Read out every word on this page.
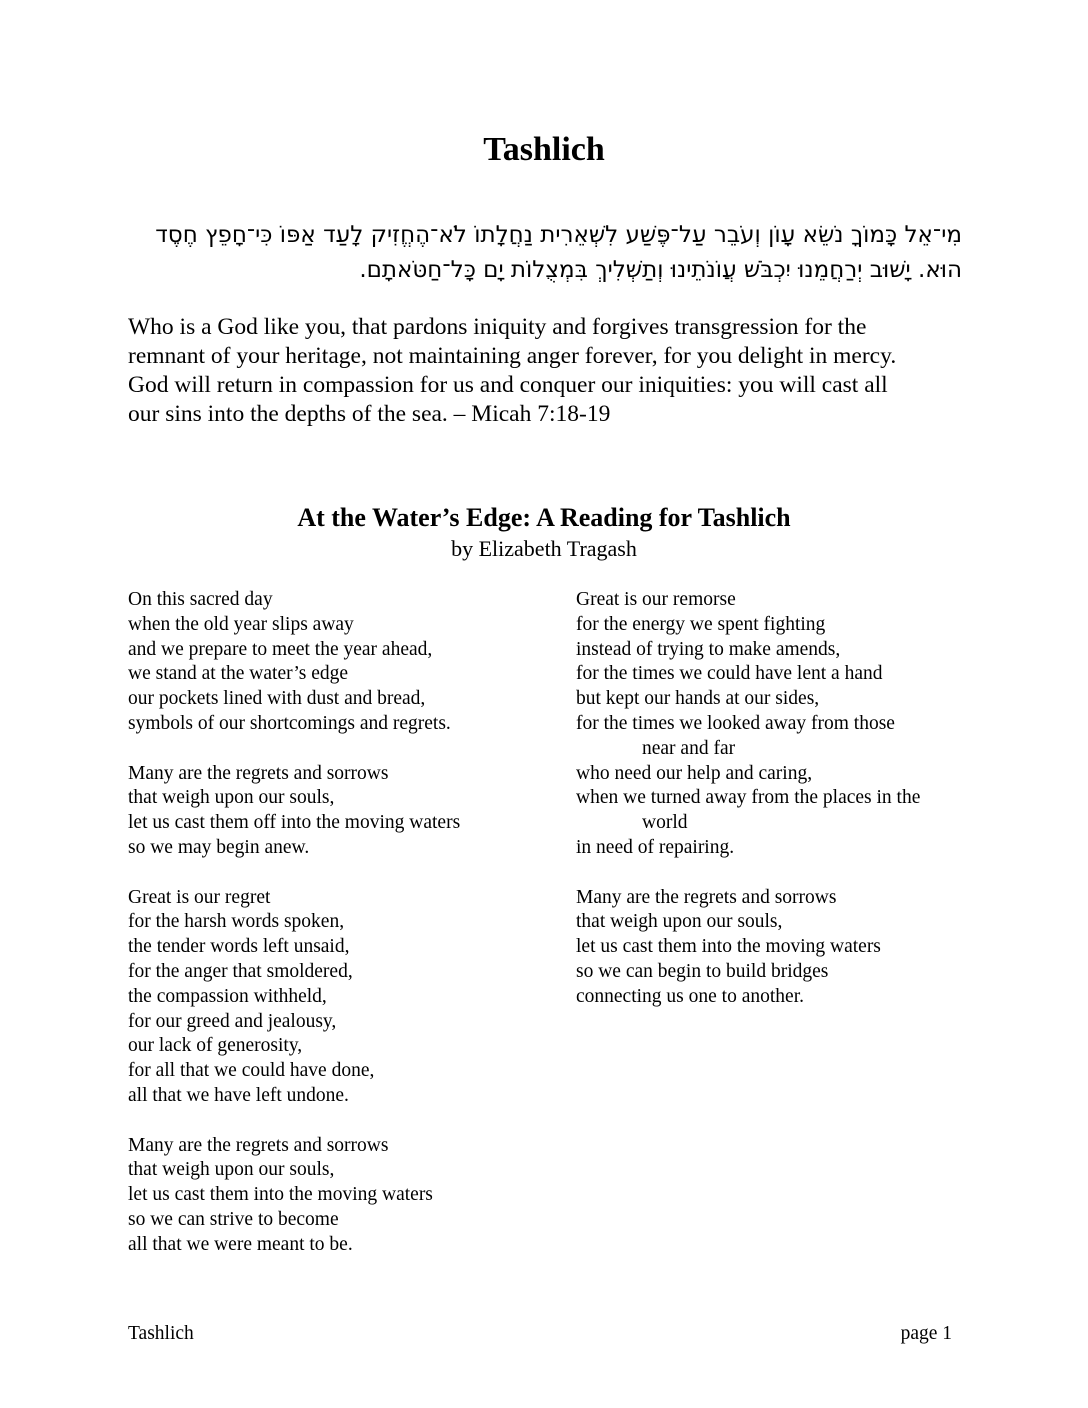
Tashlich
מִי־אֵל כָּמוֹךָ נֹשֵׂא עָוֺן וְעֹבֵר עַל־פֶּשַׁע לִשְׁאֵרִית נַחֲלָתוֹ לֹא־הֶחֱזִיק לָעַד אַפּוֹ כִּי־חָפֵץ חֶסֶד
הוּא. יָשׁוּב יְרַחֲמֵנוּ יִכְבֹּשׁ עֲוֺנֹתֵינוּ וְתַשְׁלִיךְ בִּמְצֻלוֹת יָם כָּל־חַטֹּאתָם.
Who is a God like you, that pardons iniquity and forgives transgression for the
remnant of your heritage, not maintaining anger forever, for you delight in mercy.
God will return in compassion for us and conquer our iniquities: you will cast all
our sins into the depths of the sea. – Micah 7:18-19
At the Water’s Edge: A Reading for Tashlich
by Elizabeth Tragash
On this sacred day
when the old year slips away
and we prepare to meet the year ahead,
we stand at the water’s edge
our pockets lined with dust and bread,
symbols of our shortcomings and regrets.
Many are the regrets and sorrows
that weigh upon our souls,
let us cast them off into the moving waters
so we may begin anew.
Great is our regret
for the harsh words spoken,
the tender words left unsaid,
for the anger that smoldered,
the compassion withheld,
for our greed and jealousy,
our lack of generosity,
for all that we could have done,
all that we have left undone.
Many are the regrets and sorrows
that weigh upon our souls,
let us cast them into the moving waters
so we can strive to become
all that we were meant to be.
Great is our remorse
for the energy we spent fighting
instead of trying to make amends,
for the times we could have lent a hand
but kept our hands at our sides,
for the times we looked away from those
near and far
who need our help and caring,
when we turned away from the places in the
world
in need of repairing.
Many are the regrets and sorrows
that weigh upon our souls,
let us cast them into the moving waters
so we can begin to build bridges
connecting us one to another.
Tashlich	page 1
